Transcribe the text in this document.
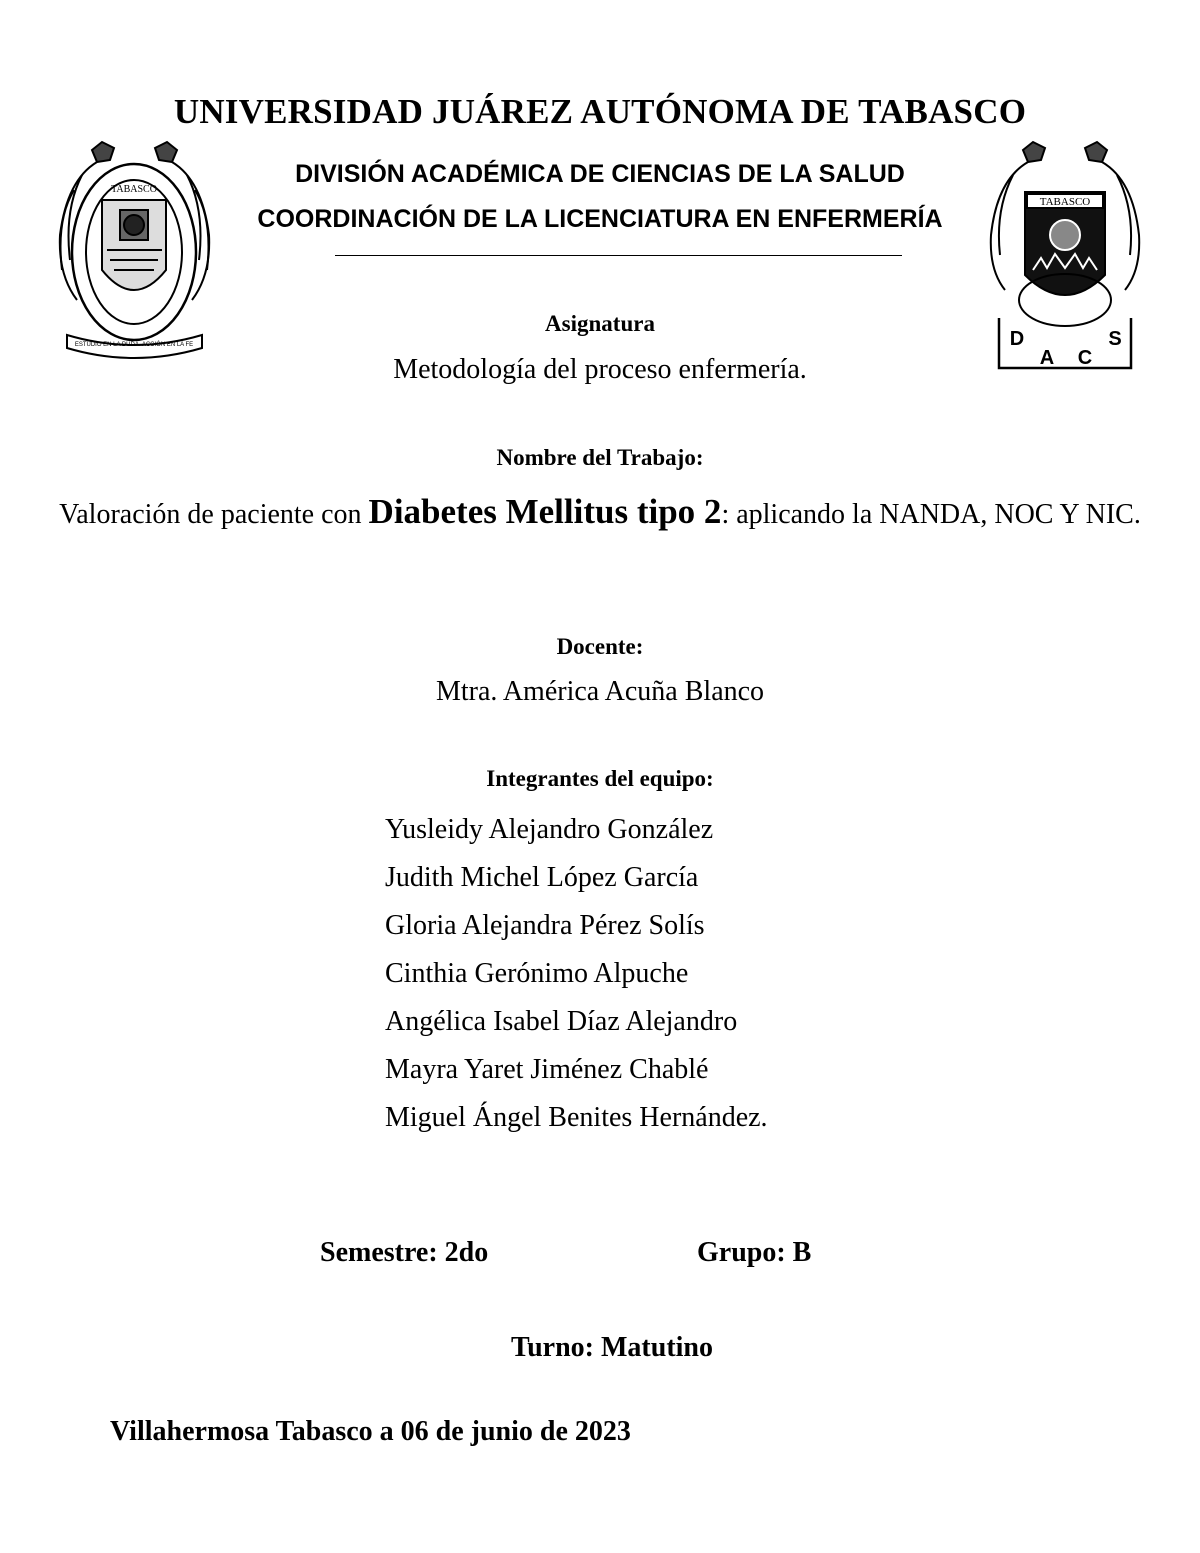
TABASCO
ESTUDIO EN LA DUDA. ACCIÓN EN LA FE
TABASCO
D
A C
S
UNIVERSIDAD JUÁREZ AUTÓNOMA DE TABASCO
DIVISIÓN ACADÉMICA DE CIENCIAS DE LA SALUD
COORDINACIÓN DE LA LICENCIATURA EN ENFERMERÍA
Asignatura
Metodología del proceso enfermería.
Nombre del Trabajo:
Valoración de paciente con Diabetes Mellitus tipo 2: aplicando la NANDA, NOC Y NIC.
Docente:
Mtra. América Acuña Blanco
Integrantes del equipo:
Yusleidy Alejandro González
Judith Michel López García
Gloria Alejandra Pérez Solís
Cinthia Gerónimo Alpuche
Angélica Isabel Díaz Alejandro
Mayra Yaret Jiménez Chablé
Miguel Ángel Benites Hernández.
Semestre: 2do	Grupo: B
Turno: Matutino
Villahermosa Tabasco a 06 de junio de 2023
